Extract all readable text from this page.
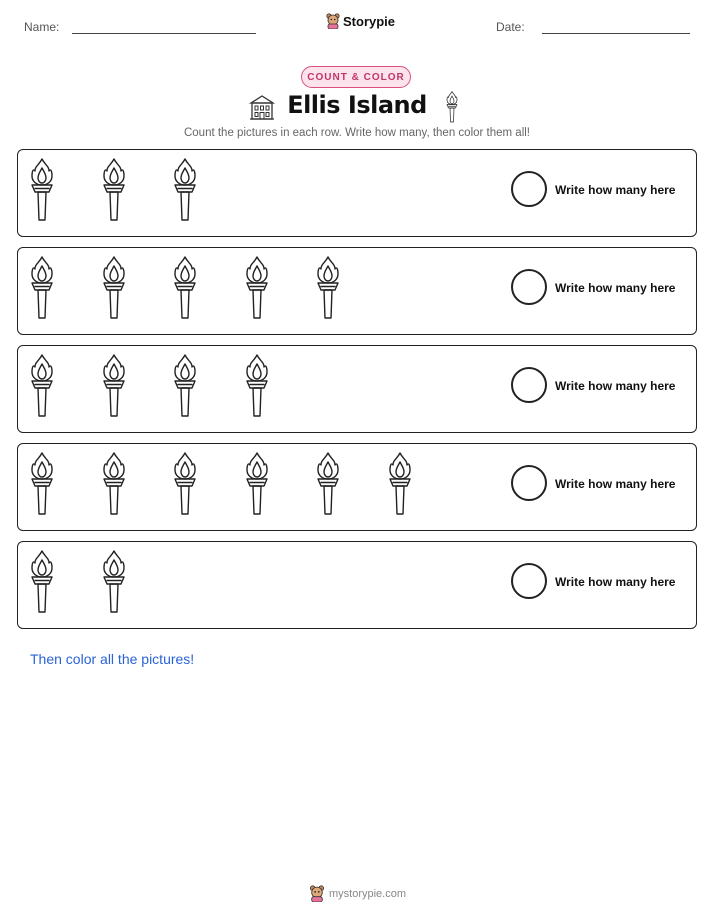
Name:	Storypie	Date:
COUNT & COLOR
Ellis Island
Count the pictures in each row. Write how many, then color them all!
Write how many here
Write how many here
Write how many here
Write how many here
Write how many here
Then color all the pictures!
mystorypie.com
